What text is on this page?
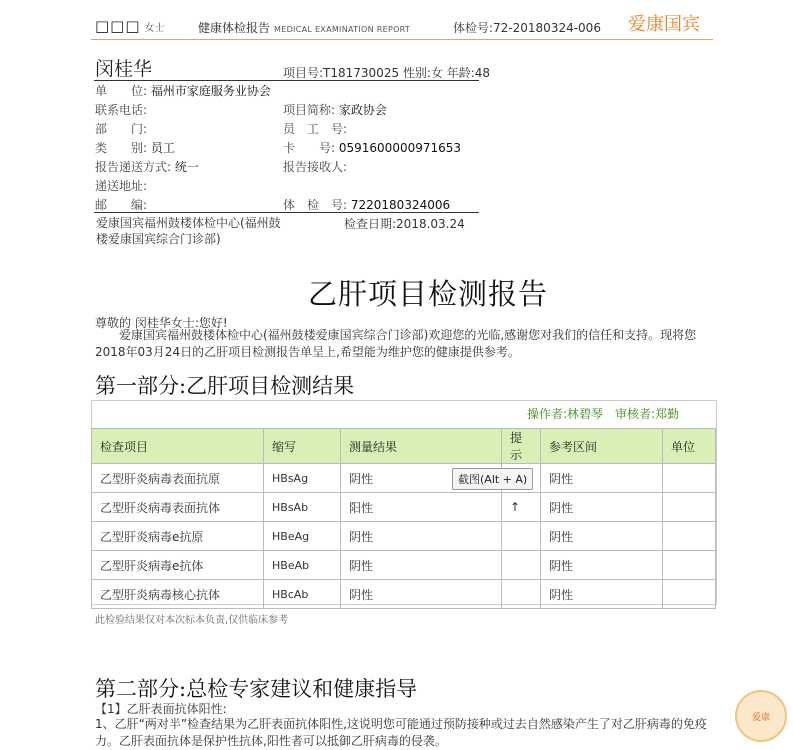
□□□ 女士	健康体检报告 MEDICAL EXAMINATION REPORT	体检号:72-20180324-006 爱康国宾
闵桂华	项目号:T181730025 性别:女 年龄:48
单　　位: 福州市家庭服务业协会
联系电话:	项目简称: 家政协会
部　　门:	员　工　号:
类　　别: 员工	卡　　号: 0591600000971653
报告递送方式: 统一	报告接收人:
递送地址:
邮　　编:	体　检　号: 7220180324006
爱康国宾福州鼓楼体检中心(福州鼓楼爱康国宾综合门诊部)
检查日期:2018.03.24
乙肝项目检测报告
尊敬的 闵桂华女士:您好!
爱康国宾福州鼓楼体检中心(福州鼓楼爱康国宾综合门诊部)欢迎您的光临,感谢您对我们的信任和支持。现将您2018年03月24日的乙肝项目检测报告单呈上,希望能为维护您的健康提供参考。
第一部分:乙肝项目检测结果
操作者:林碧琴　审核者:郑勤
检查项目	缩写	测量结果	提示	参考区间	单位
乙型肝炎病毒表面抗原	HBsAg	阴性		阴性	
乙型肝炎病毒表面抗体	HBsAb	阳性	↑	阴性	
乙型肝炎病毒e抗原	HBeAg	阴性		阴性	
乙型肝炎病毒e抗体	HBeAb	阴性		阴性	
乙型肝炎病毒核心抗体	HBcAb	阴性		阴性	
截图(Alt + A)
此检验结果仅对本次标本负责,仅供临床参考
第二部分:总检专家建议和健康指导
【1】乙肝表面抗体阳性:
1、乙肝“两对半”检查结果为乙肝表面抗体阳性,这说明您可能通过预防接种或过去自然感染产生了对乙肝病毒的免疫力。乙肝表面抗体是保护性抗体,阳性者可以抵御乙肝病毒的侵袭。
爱康
